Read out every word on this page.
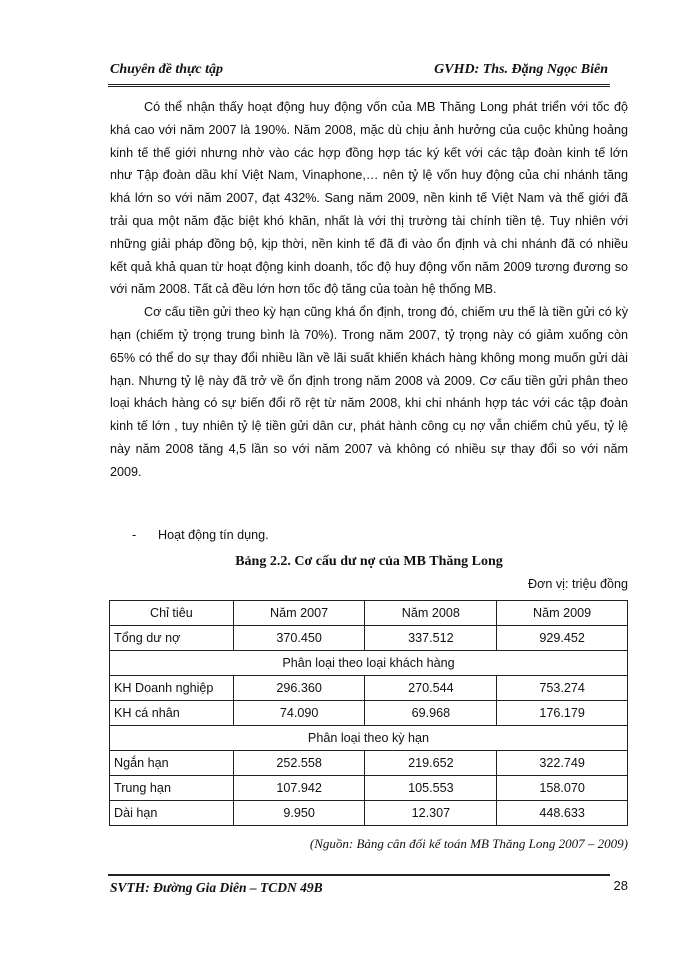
Chuyên đề thực tập	GVHD: Ths. Đặng Ngọc Biên

Có thể nhận thấy hoạt động huy động vốn của MB Thăng Long phát triển với tốc độ khá cao với năm 2007 là 190%. Năm 2008, mặc dù chịu ảnh hưởng của cuộc khủng hoảng kinh tế thế giới nhưng nhờ vào các hợp đồng hợp tác ký kết với các tập đoàn kinh tế lớn như Tập đoàn dầu khí Việt Nam, Vinaphone,… nên tỷ lệ vốn huy động của chi nhánh tăng khá lớn so với năm 2007, đạt 432%. Sang năm 2009, nền kinh tế Việt Nam và thế giới đã trải qua một năm đặc biệt khó khăn, nhất là với thị trường tài chính tiền tệ. Tuy nhiên với những giải pháp đồng bộ, kịp thời, nền kinh tế đã đi vào ổn định và chi nhánh đã có nhiều kết quả khả quan từ hoạt động kinh doanh, tốc độ huy động vốn năm 2009 tương đương so với năm 2008. Tất cả đều lớn hơn tốc độ tăng của toàn hệ thống MB.

Cơ cấu tiền gửi theo kỳ hạn cũng khá ổn định, trong đó, chiếm ưu thế là tiền gửi có kỳ hạn (chiếm tỷ trọng trung bình là 70%). Trong năm 2007, tỷ trọng này có giảm xuống còn 65% có thể do sự thay đổi nhiều lần về lãi suất khiến khách hàng không mong muốn gửi dài hạn. Nhưng tỷ lệ này đã trở về ổn định trong năm 2008 và 2009. Cơ cấu tiền gửi phân theo loại khách hàng có sự biến đổi rõ rệt từ năm 2008, khi chi nhánh hợp tác với các tập đoàn kinh tế lớn , tuy nhiên tỷ lệ tiền gửi dân cư, phát hành công cụ nợ vẫn chiếm chủ yếu, tỷ lệ này năm 2008 tăng 4,5 lần so với năm 2007 và không có nhiều sự thay đổi so với năm 2009.

- Hoạt động tín dụng.
Bảng 2.2. Cơ cấu dư nợ của MB Thăng Long
Đơn vị: triệu đồng
Chỉ tiêu	Năm 2007	Năm 2008	Năm 2009
Tổng dư nợ	370.450	337.512	929.452
Phân loại theo loại khách hàng			
KH Doanh nghiệp	296.360	270.544	753.274
KH cá nhân	74.090	69.968	176.179
Phân loại theo kỳ hạn			
Ngắn hạn	252.558	219.652	322.749
Trung hạn	107.942	105.553	158.070
Dài hạn	9.950	12.307	448.633
(Nguồn: Bảng cân đối kế toán MB Thăng Long 2007 – 2009)
SVTH: Đường Gia Diên – TCDN 49B	28
